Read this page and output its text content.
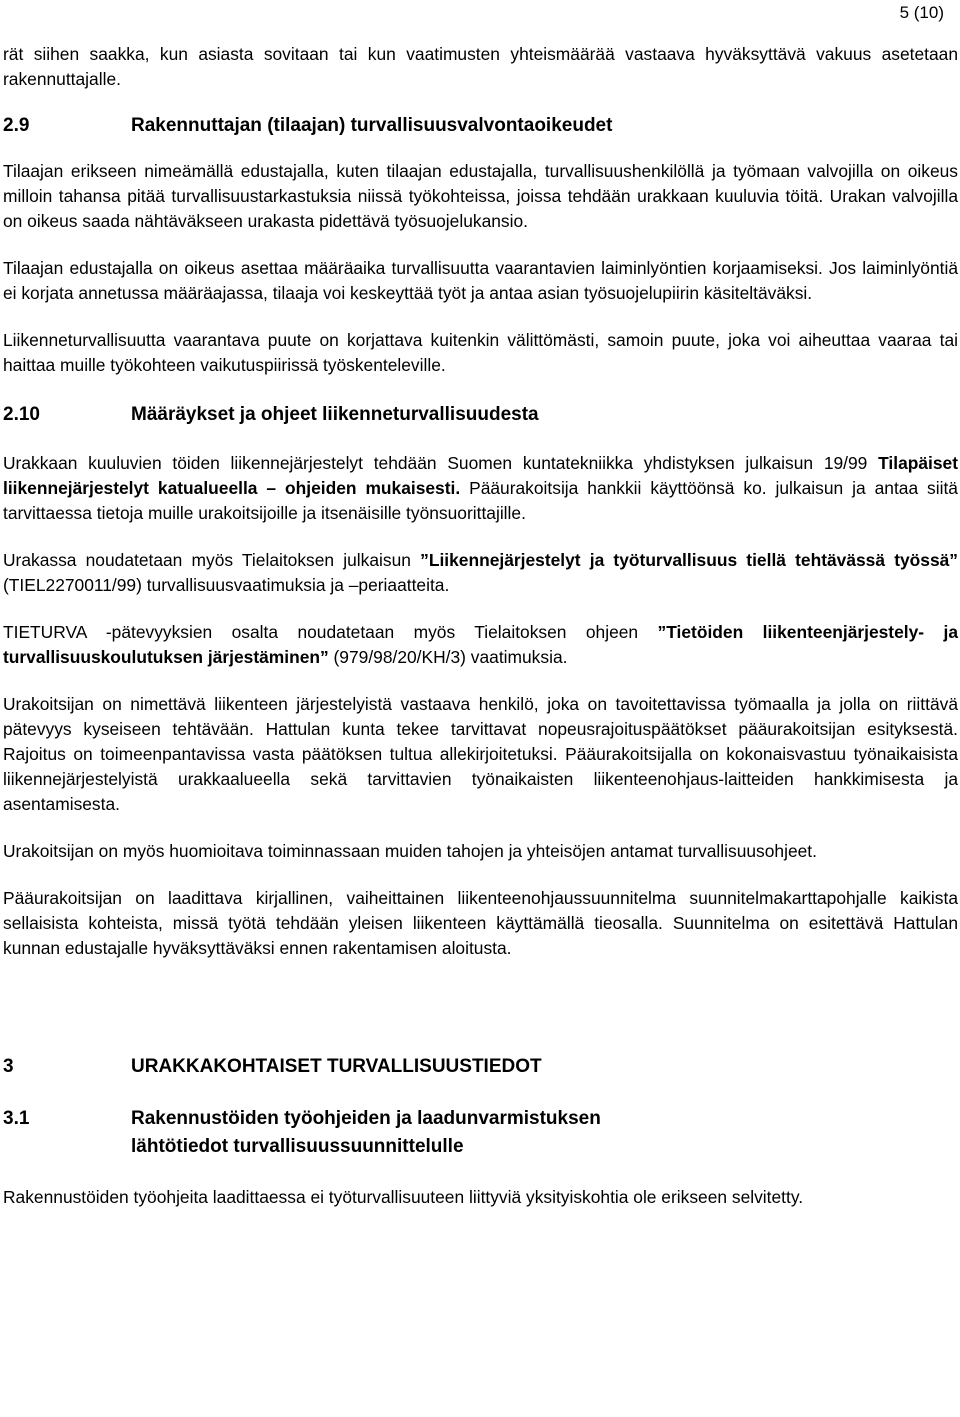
5 (10)

rät siihen saakka, kun asiasta sovitaan tai kun vaatimusten yhteismäärää vastaava hyväksyttävä vakuus asetetaan rakennuttajalle.

2.9	Rakennuttajan (tilaajan) turvallisuusvalvontaoikeudet

Tilaajan erikseen nimeämällä edustajalla, kuten tilaajan edustajalla, turvallisuushenkilöllä ja työmaan valvojilla on oikeus milloin tahansa pitää turvallisuustarkastuksia niissä työkohteissa, joissa tehdään urakkaan kuuluvia töitä. Urakan valvojilla on oikeus saada nähtäväkseen urakasta pidettävä työsuojelukansio.

Tilaajan edustajalla on oikeus asettaa määräaika turvallisuutta vaarantavien laiminlyöntien korjaamiseksi. Jos laiminlyöntiä ei korjata annetussa määräajassa, tilaaja voi keskeyttää työt ja antaa asian työsuojelupiirin käsiteltäväksi.

Liikenneturvallisuutta vaarantava puute on korjattava kuitenkin välittömästi, samoin puute, joka voi aiheuttaa vaaraa tai haittaa muille työkohteen vaikutuspiirissä työskenteleville.

2.10	Määräykset ja ohjeet liikenneturvallisuudesta

Urakkaan kuuluvien töiden liikennejärjestelyt tehdään Suomen kuntatekniikka yhdistyksen julkaisun 19/99 Tilapäiset liikennejärjestelyt katualueella – ohjeiden mukaisesti. Pääurakoitsija hankkii käyttöönsä ko. julkaisun ja antaa siitä tarvittaessa tietoja muille urakoitsijoille ja itsenäisille työnsuorittajille.

Urakassa noudatetaan myös Tielaitoksen julkaisun ”Liikennejärjestelyt ja työturvallisuus tiellä tehtävässä työssä” (TIEL2270011/99) turvallisuusvaatimuksia ja –periaatteita.

TIETURVA -pätevyyksien osalta noudatetaan myös Tielaitoksen ohjeen ”Tietöiden liikenteenjärjestely- ja turvallisuuskoulutuksen järjestäminen” (979/98/20/KH/3) vaatimuksia.

Urakoitsijan on nimettävä liikenteen järjestelyistä vastaava henkilö, joka on tavoitettavissa työmaalla ja jolla on riittävä pätevyys kyseiseen tehtävään. Hattulan kunta tekee tarvittavat nopeusrajoituspäätökset pääurakoitsijan esityksestä. Rajoitus on toimeenpantavissa vasta päätöksen tultua allekirjoitetuksi. Pääurakoitsijalla on kokonaisvastuu työnaikaisista liikennejärjestelyistä urakkaalueella sekä tarvittavien työnaikaisten liikenteenohjaus-laitteiden hankkimisesta ja asentamisesta.

Urakoitsijan on myös huomioitava toiminnassaan muiden tahojen ja yhteisöjen antamat turvallisuusohjeet.

Pääurakoitsijan on laadittava kirjallinen, vaiheittainen liikenteenohjaussuunnitelma suunnitelmakarttapohjalle kaikista sellaisista kohteista, missä työtä tehdään yleisen liikenteen käyttämällä tieosalla. Suunnitelma on esitettävä Hattulan kunnan edustajalle hyväksyttäväksi ennen rakentamisen aloitusta.

3	URAKKAKOHTAISET TURVALLISUUSTIEDOT
3.1	Rakennustöiden työohjeiden ja laadunvarmistuksen
lähtötiedot turvallisuussuunnittelulle

Rakennustöiden työohjeita laadittaessa ei työturvallisuuteen liittyviä yksityiskohtia ole erikseen selvitetty.
